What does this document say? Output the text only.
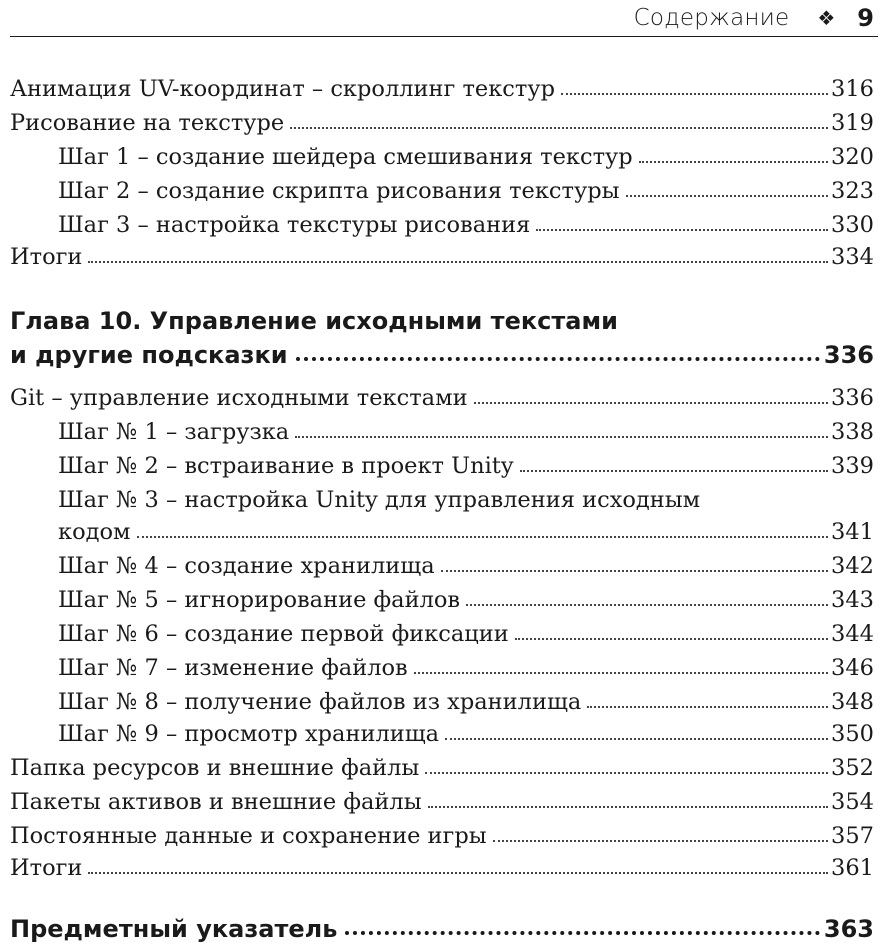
Содержание ❖ 9
Анимация UV-координат – скроллинг текстур	316
Рисование на текстуре	319
Шаг 1 – создание шейдера смешивания текстур	320
Шаг 2 – создание скрипта рисования текстуры	323
Шаг 3 – настройка текстуры рисования	330
Итоги	334
Глава 10. Управление исходными текстами
и другие подсказки	336
Git – управление исходными текстами	336
Шаг № 1 – загрузка	338
Шаг № 2 – встраивание в проект Unity	339
Шаг № 3 – настройка Unity для управления исходным
кодом	341
Шаг № 4 – создание хранилища	342
Шаг № 5 – игнорирование файлов	343
Шаг № 6 – создание первой фиксации	344
Шаг № 7 – изменение файлов	346
Шаг № 8 – получение файлов из хранилища	348
Шаг № 9 – просмотр хранилища	350
Папка ресурсов и внешние файлы	352
Пакеты активов и внешние файлы	354
Постоянные данные и сохранение игры	357
Итоги	361
Предметный указатель	363
